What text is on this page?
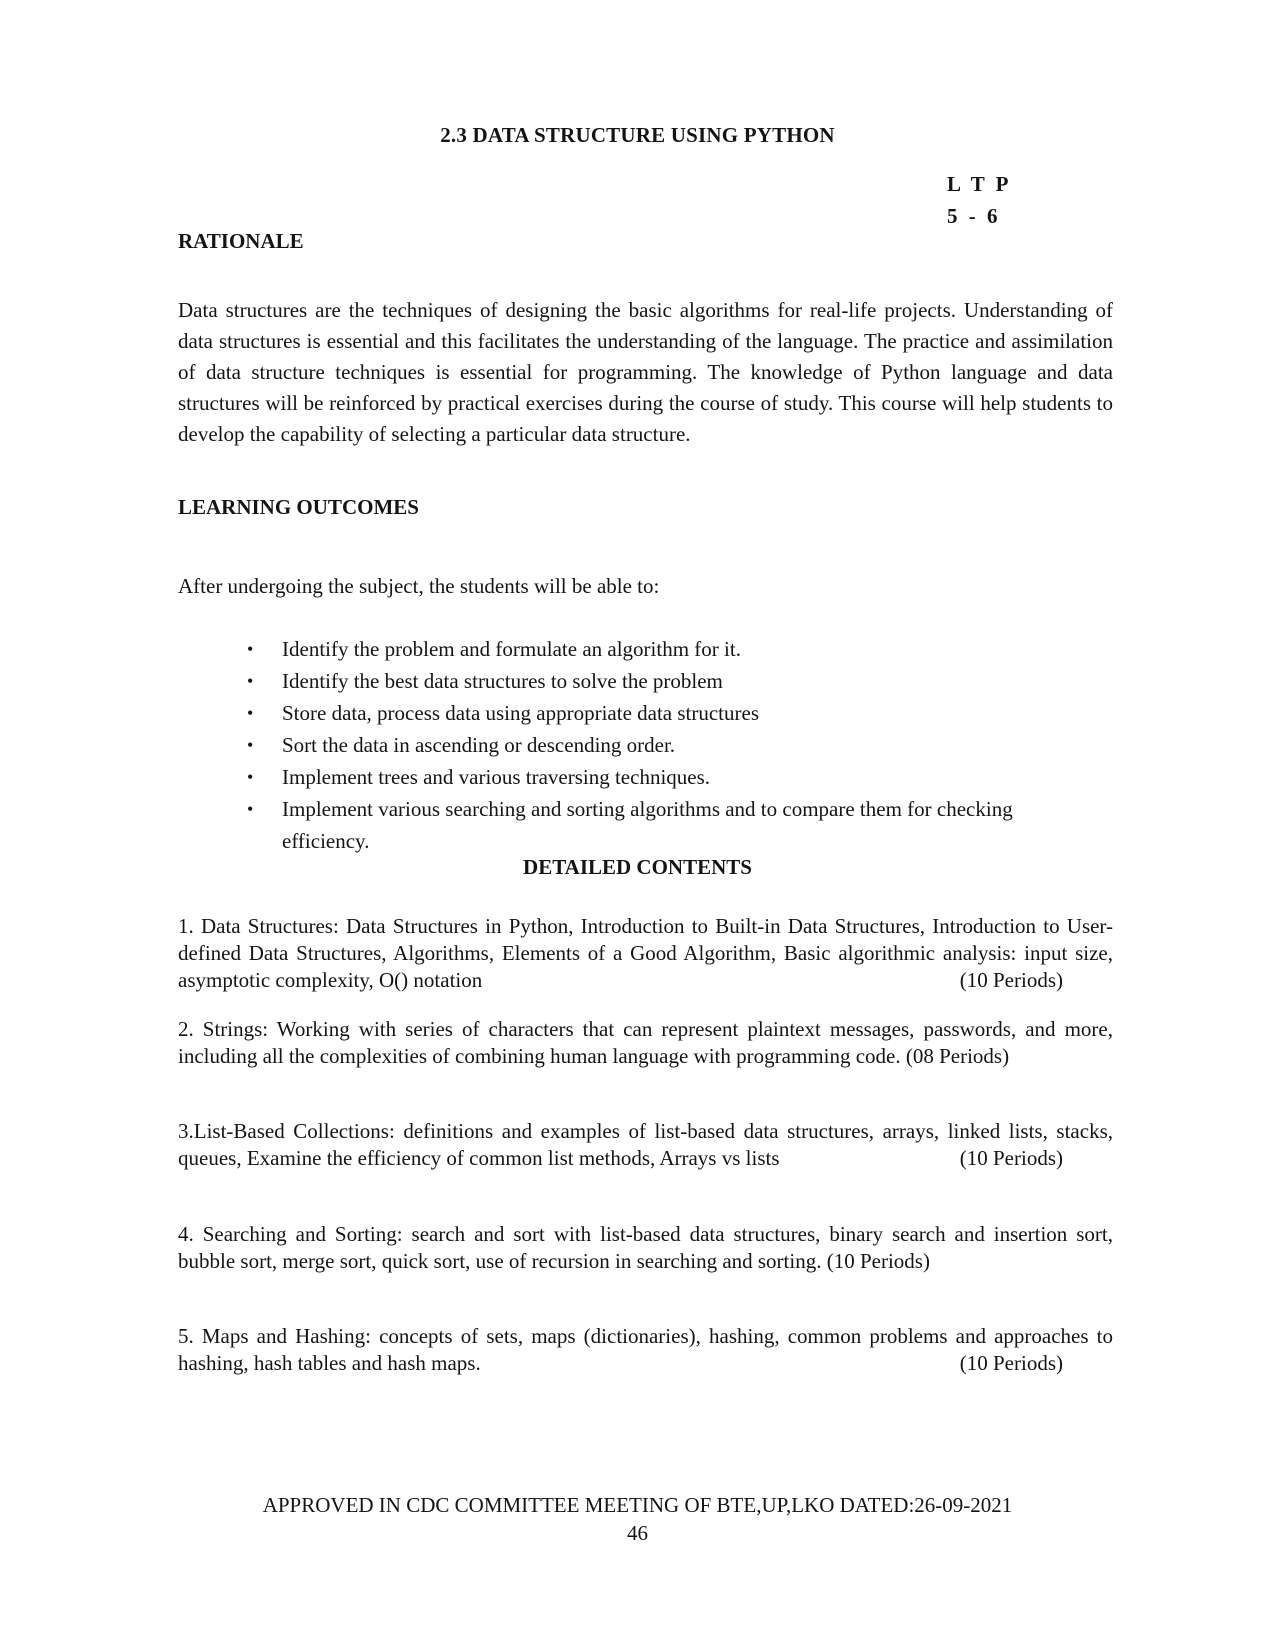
2.3 DATA STRUCTURE USING PYTHON
L T P
5 - 6
RATIONALE

Data structures are the techniques of designing the basic algorithms for real-life projects. Understanding of data structures is essential and this facilitates the understanding of the language. The practice and assimilation of data structure techniques is essential for programming. The knowledge of Python language and data structures will be reinforced by practical exercises during the course of study. This course will help students to develop the capability of selecting a particular data structure.

LEARNING OUTCOMES

After undergoing the subject, the students will be able to:

• Identify the problem and formulate an algorithm for it.
• Identify the best data structures to solve the problem
• Store data, process data using appropriate data structures
• Sort the data in ascending or descending order.
• Implement trees and various traversing techniques.
• Implement various searching and sorting algorithms and to compare them for checking efficiency.
DETAILED CONTENTS

1. Data Structures: Data Structures in Python, Introduction to Built-in Data Structures, Introduction to User-defined Data Structures, Algorithms, Elements of a Good Algorithm, Basic algorithmic analysis: input size, asymptotic complexity, O() notation	(10 Periods)

2. Strings: Working with series of characters that can represent plaintext messages, passwords, and more, including all the complexities of combining human language with programming code. (08 Periods)

3.List-Based Collections: definitions and examples of list-based data structures, arrays, linked lists, stacks, queues, Examine the efficiency of common list methods, Arrays vs lists	(10 Periods)

4. Searching and Sorting: search and sort with list-based data structures, binary search and insertion sort, bubble sort, merge sort, quick sort, use of recursion in searching and sorting. (10 Periods)

5. Maps and Hashing: concepts of sets, maps (dictionaries), hashing, common problems and approaches to hashing, hash tables and hash maps.	(10 Periods)

APPROVED IN CDC COMMITTEE MEETING OF BTE,UP,LKO DATED:26-09-2021
46
